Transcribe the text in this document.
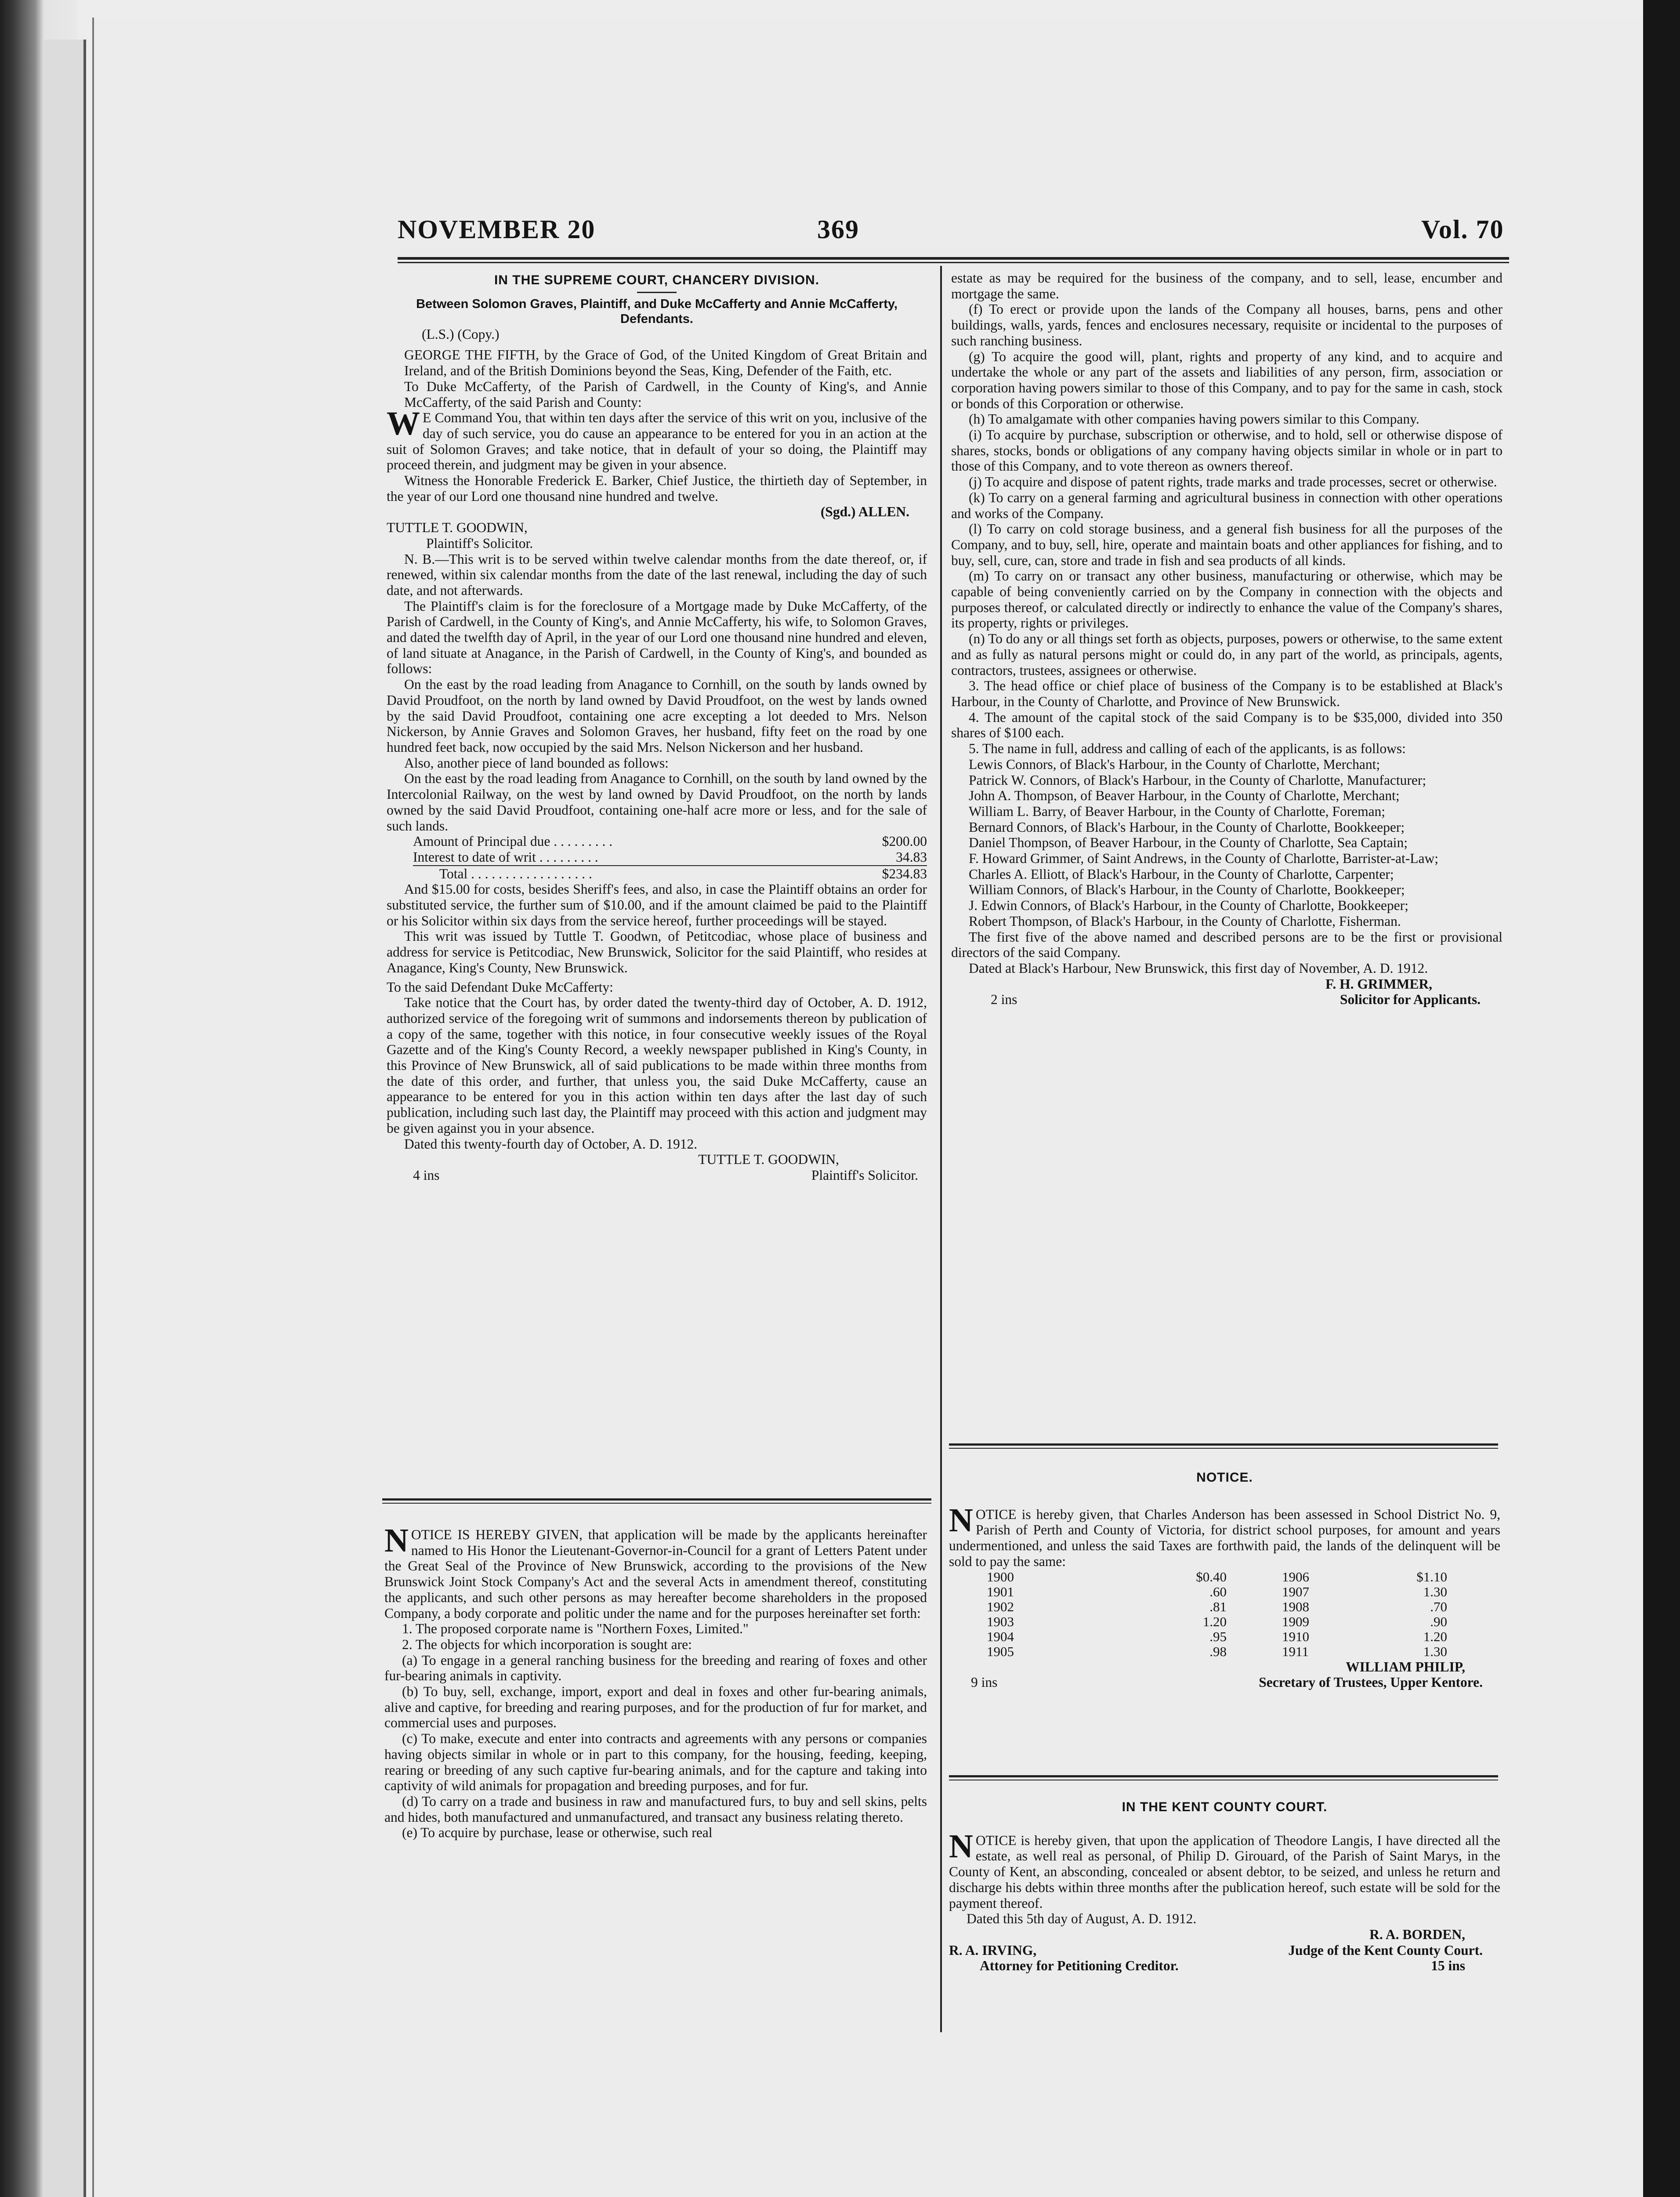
NOVEMBER 20	369	Vol. 70
IN THE SUPREME COURT, CHANCERY DIVISION.
Between Solomon Graves, Plaintiff, and Duke McCafferty and Annie McCafferty, Defendants.

(L.S.) (Copy.)

GEORGE THE FIFTH, by the Grace of God, of the United Kingdom of Great Britain and Ireland, and of the British Dominions beyond the Seas, King, Defender of the Faith, etc.

To Duke McCafferty, of the Parish of Cardwell, in the County of King's, and Annie McCafferty, of the said Parish and County:

W E Command You, that within ten days after the service of this writ on you, inclusive of the day of such service, you do cause an appearance to be entered for you in an action at the suit of Solomon Graves; and take notice, that in default of your so doing, the Plaintiff may proceed therein, and judgment may be given in your absence.

Witness the Honorable Frederick E. Barker, Chief Justice, the thirtieth day of September, in the year of our Lord one thousand nine hundred and twelve.

(Sgd.) ALLEN.

TUTTLE T. GOODWIN,

Plaintiff's Solicitor.

N. B.—This writ is to be served within twelve calendar months from the date thereof, or, if renewed, within six calendar months from the date of the last renewal, including the day of such date, and not afterwards.

The Plaintiff's claim is for the foreclosure of a Mortgage made by Duke McCafferty, of the Parish of Cardwell, in the County of King's, and Annie McCafferty, his wife, to Solomon Graves, and dated the twelfth day of April, in the year of our Lord one thousand nine hundred and eleven, of land situate at Anagance, in the Parish of Cardwell, in the County of King's, and bounded as follows:

On the east by the road leading from Anagance to Cornhill, on the south by lands owned by David Proudfoot, on the north by land owned by David Proudfoot, on the west by lands owned by the said David Proudfoot, containing one acre excepting a lot deeded to Mrs. Nelson Nickerson, by Annie Graves and Solomon Graves, her husband, fifty feet on the road by one hundred feet back, now occupied by the said Mrs. Nelson Nickerson and her husband.

Also, another piece of land bounded as follows:

On the east by the road leading from Anagance to Cornhill, on the south by land owned by the Intercolonial Railway, on the west by land owned by David Proudfoot, on the north by lands owned by the said David Proudfoot, containing one-half acre more or less, and for the sale of such lands.

Amount of Principal due . . . . . . . . .	$200.00
Interest to date of writ . . . . . . . . .	34.83
Total . . . . . . . . . . . . . . . . . .	$234.83

And $15.00 for costs, besides Sheriff's fees, and also, in case the Plaintiff obtains an order for substituted service, the further sum of $10.00, and if the amount claimed be paid to the Plaintiff or his Solicitor within six days from the service hereof, further proceedings will be stayed.

This writ was issued by Tuttle T. Goodwn, of Petitcodiac, whose place of business and address for service is Petitcodiac, New Brunswick, Solicitor for the said Plaintiff, who resides at Anagance, King's County, New Brunswick.

To the said Defendant Duke McCafferty:

Take notice that the Court has, by order dated the twenty-third day of October, A. D. 1912, authorized service of the foregoing writ of summons and indorsements thereon by publication of a copy of the same, together with this notice, in four consecutive weekly issues of the Royal Gazette and of the King's County Record, a weekly newspaper published in King's County, in this Province of New Brunswick, all of said publications to be made within three months from the date of this order, and further, that unless you, the said Duke McCafferty, cause an appearance to be entered for you in this action within ten days after the last day of such publication, including such last day, the Plaintiff may proceed with this action and judgment may be given against you in your absence.

Dated this twenty-fourth day of October, A. D. 1912.

TUTTLE T. GOODWIN,

4 ins	Plaintiff's Solicitor.

NOTICE IS HEREBY GIVEN, that application will be made by the applicants hereinafter named to His Honor the Lieutenant-Governor-in-Council for a grant of Letters Patent under the Great Seal of the Province of New Brunswick, according to the provisions of the New Brunswick Joint Stock Company's Act and the several Acts in amendment thereof, constituting the applicants, and such other persons as may hereafter become shareholders in the proposed Company, a body corporate and politic under the name and for the purposes hereinafter set forth:

1. The proposed corporate name is "Northern Foxes, Limited."

2. The objects for which incorporation is sought are:

(a) To engage in a general ranching business for the breeding and rearing of foxes and other fur-bearing animals in captivity.

(b) To buy, sell, exchange, import, export and deal in foxes and other fur-bearing animals, alive and captive, for breeding and rearing purposes, and for the production of fur for market, and commercial uses and purposes.

(c) To make, execute and enter into contracts and agreements with any persons or companies having objects similar in whole or in part to this company, for the housing, feeding, keeping, rearing or breeding of any such captive fur-bearing animals, and for the capture and taking into captivity of wild animals for propagation and breeding purposes, and for fur.

(d) To carry on a trade and business in raw and manufactured furs, to buy and sell skins, pelts and hides, both manufactured and unmanufactured, and transact any business relating thereto.

(e) To acquire by purchase, lease or otherwise, such real

estate as may be required for the business of the company, and to sell, lease, encumber and mortgage the same.

(f) To erect or provide upon the lands of the Company all houses, barns, pens and other buildings, walls, yards, fences and enclosures necessary, requisite or incidental to the purposes of such ranching business.

(g) To acquire the good will, plant, rights and property of any kind, and to acquire and undertake the whole or any part of the assets and liabilities of any person, firm, association or corporation having powers similar to those of this Company, and to pay for the same in cash, stock or bonds of this Corporation or otherwise.

(h) To amalgamate with other companies having powers similar to this Company.

(i) To acquire by purchase, subscription or otherwise, and to hold, sell or otherwise dispose of shares, stocks, bonds or obligations of any company having objects similar in whole or in part to those of this Company, and to vote thereon as owners thereof.

(j) To acquire and dispose of patent rights, trade marks and trade processes, secret or otherwise.

(k) To carry on a general farming and agricultural business in connection with other operations and works of the Company.

(l) To carry on cold storage business, and a general fish business for all the purposes of the Company, and to buy, sell, hire, operate and maintain boats and other appliances for fishing, and to buy, sell, cure, can, store and trade in fish and sea products of all kinds.

(m) To carry on or transact any other business, manufacturing or otherwise, which may be capable of being conveniently carried on by the Company in connection with the objects and purposes thereof, or calculated directly or indirectly to enhance the value of the Company's shares, its property, rights or privileges.

(n) To do any or all things set forth as objects, purposes, powers or otherwise, to the same extent and as fully as natural persons might or could do, in any part of the world, as principals, agents, contractors, trustees, assignees or otherwise.

3. The head office or chief place of business of the Company is to be established at Black's Harbour, in the County of Charlotte, and Province of New Brunswick.

4. The amount of the capital stock of the said Company is to be $35,000, divided into 350 shares of $100 each.

5. The name in full, address and calling of each of the applicants, is as follows:

Lewis Connors, of Black's Harbour, in the County of Charlotte, Merchant;

Patrick W. Connors, of Black's Harbour, in the County of Charlotte, Manufacturer;

John A. Thompson, of Beaver Harbour, in the County of Charlotte, Merchant;

William L. Barry, of Beaver Harbour, in the County of Charlotte, Foreman;

Bernard Connors, of Black's Harbour, in the County of Charlotte, Bookkeeper;

Daniel Thompson, of Beaver Harbour, in the County of Charlotte, Sea Captain;

F. Howard Grimmer, of Saint Andrews, in the County of Charlotte, Barrister-at-Law;

Charles A. Elliott, of Black's Harbour, in the County of Charlotte, Carpenter;

William Connors, of Black's Harbour, in the County of Charlotte, Bookkeeper;

J. Edwin Connors, of Black's Harbour, in the County of Charlotte, Bookkeeper;

Robert Thompson, of Black's Harbour, in the County of Charlotte, Fisherman.

The first five of the above named and described persons are to be the first or provisional directors of the said Company.

Dated at Black's Harbour, New Brunswick, this first day of November, A. D. 1912.

F. H. GRIMMER,

2 ins	Solicitor for Applicants.
NOTICE.

NOTICE is hereby given, that Charles Anderson has been assessed in School District No. 9, Parish of Perth and County of Victoria, for district school purposes, for amount and years undermentioned, and unless the said Taxes are forthwith paid, the lands of the delinquent will be sold to pay the same:

1900	$0.40	1906	$1.10
1901	.60	1907	1.30
1902	.81	1908	.70
1903	1.20	1909	.90
1904	.95	1910	1.20
1905	.98	1911	1.30

WILLIAM PHILIP,

9 ins	Secretary of Trustees, Upper Kentore.
IN THE KENT COUNTY COURT.

NOTICE is hereby given, that upon the application of Theodore Langis, I have directed all the estate, as well real as personal, of Philip D. Girouard, of the Parish of Saint Marys, in the County of Kent, an absconding, concealed or absent debtor, to be seized, and unless he return and discharge his debts within three months after the publication hereof, such estate will be sold for the payment thereof.

Dated this 5th day of August, A. D. 1912.

R. A. BORDEN,

R. A. IRVING,	Judge of the Kent County Court.
Attorney for Petitioning Creditor.	15 ins
